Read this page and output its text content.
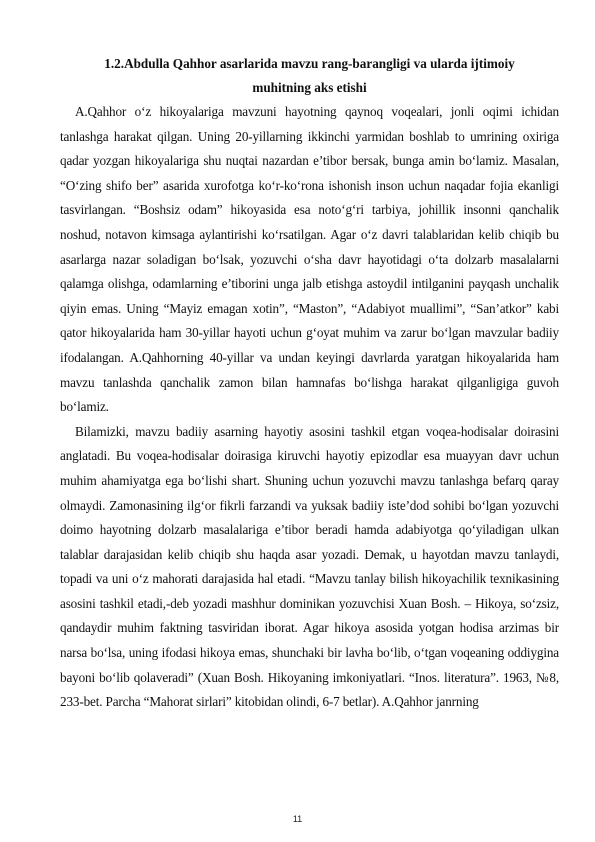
1.2.Abdulla Qahhor asarlarida mavzu rang-barangligi va ularda ijtimoiy
muhitning aks etishi

A.Qahhor o‘z hikoyalariga mavzuni hayotning qaynoq voqealari, jonli oqimi ichidan tanlashga harakat qilgan. Uning 20-yillarning ikkinchi yarmidan boshlab to umrining oxiriga qadar yozgan hikoyalariga shu nuqtai nazardan e’tibor bersak, bunga amin bo‘lamiz. Masalan, “O‘zing shifo ber” asarida xurofotga ko‘r-ko‘rona ishonish inson uchun naqadar fojia ekanligi tasvirlangan. “Boshsiz odam” hikoyasida esa noto‘g‘ri tarbiya, johillik insonni qanchalik noshud, notavon kimsaga aylantirishi ko‘rsatilgan. Agar o‘z davri talablaridan kelib chiqib bu asarlarga nazar soladigan bo‘lsak, yozuvchi o‘sha davr hayotidagi o‘ta dolzarb masalalarni qalamga olishga, odamlarning e’tiborini unga jalb etishga astoydil intilganini payqash unchalik qiyin emas. Uning “Mayiz emagan xotin”, “Maston”, “Adabiyot muallimi”, “San’atkor” kabi qator hikoyalarida ham 30-yillar hayoti uchun g‘oyat muhim va zarur bo‘lgan mavzular badiiy ifodalangan. A.Qahhorning 40-yillar va undan keyingi davrlarda yaratgan hikoyalarida ham mavzu tanlashda qanchalik zamon bilan hamnafas bo‘lishga harakat qilganligiga guvoh bo‘lamiz.

Bilamizki, mavzu badiiy asarning hayotiy asosini tashkil etgan voqea-hodisalar doirasini anglatadi. Bu voqea-hodisalar doirasiga kiruvchi hayotiy epizodlar esa muayyan davr uchun muhim ahamiyatga ega bo‘lishi shart. Shuning uchun yozuvchi mavzu tanlashga befarq qaray olmaydi. Zamonasining ilg‘or fikrli farzandi va yuksak badiiy iste’dod sohibi bo‘lgan yozuvchi doimo hayotning dolzarb masalalariga e’tibor beradi hamda adabiyotga qo‘yiladigan ulkan talablar darajasidan kelib chiqib shu haqda asar yozadi. Demak, u hayotdan mavzu tanlaydi, topadi va uni o‘z mahorati darajasida hal etadi. “Mavzu tanlay bilish hikoyachilik texnikasining asosini tashkil etadi,-deb yozadi mashhur dominikan yozuvchisi Xuan Bosh. – Hikoya, so‘zsiz, qandaydir muhim faktning tasviridan iborat. Agar hikoya asosida yotgan hodisa arzimas bir narsa bo‘lsa, uning ifodasi hikoya emas, shunchaki bir lavha bo‘lib, o‘tgan voqeaning oddiygina bayoni bo‘lib qolaveradi” (Xuan Bosh. Hikoyaning imkoniyatlari. “Inos. literatura”. 1963, №8, 233-bet. Parcha “Mahorat sirlari” kitobidan olindi, 6-7 betlar). A.Qahhor janrning

11
